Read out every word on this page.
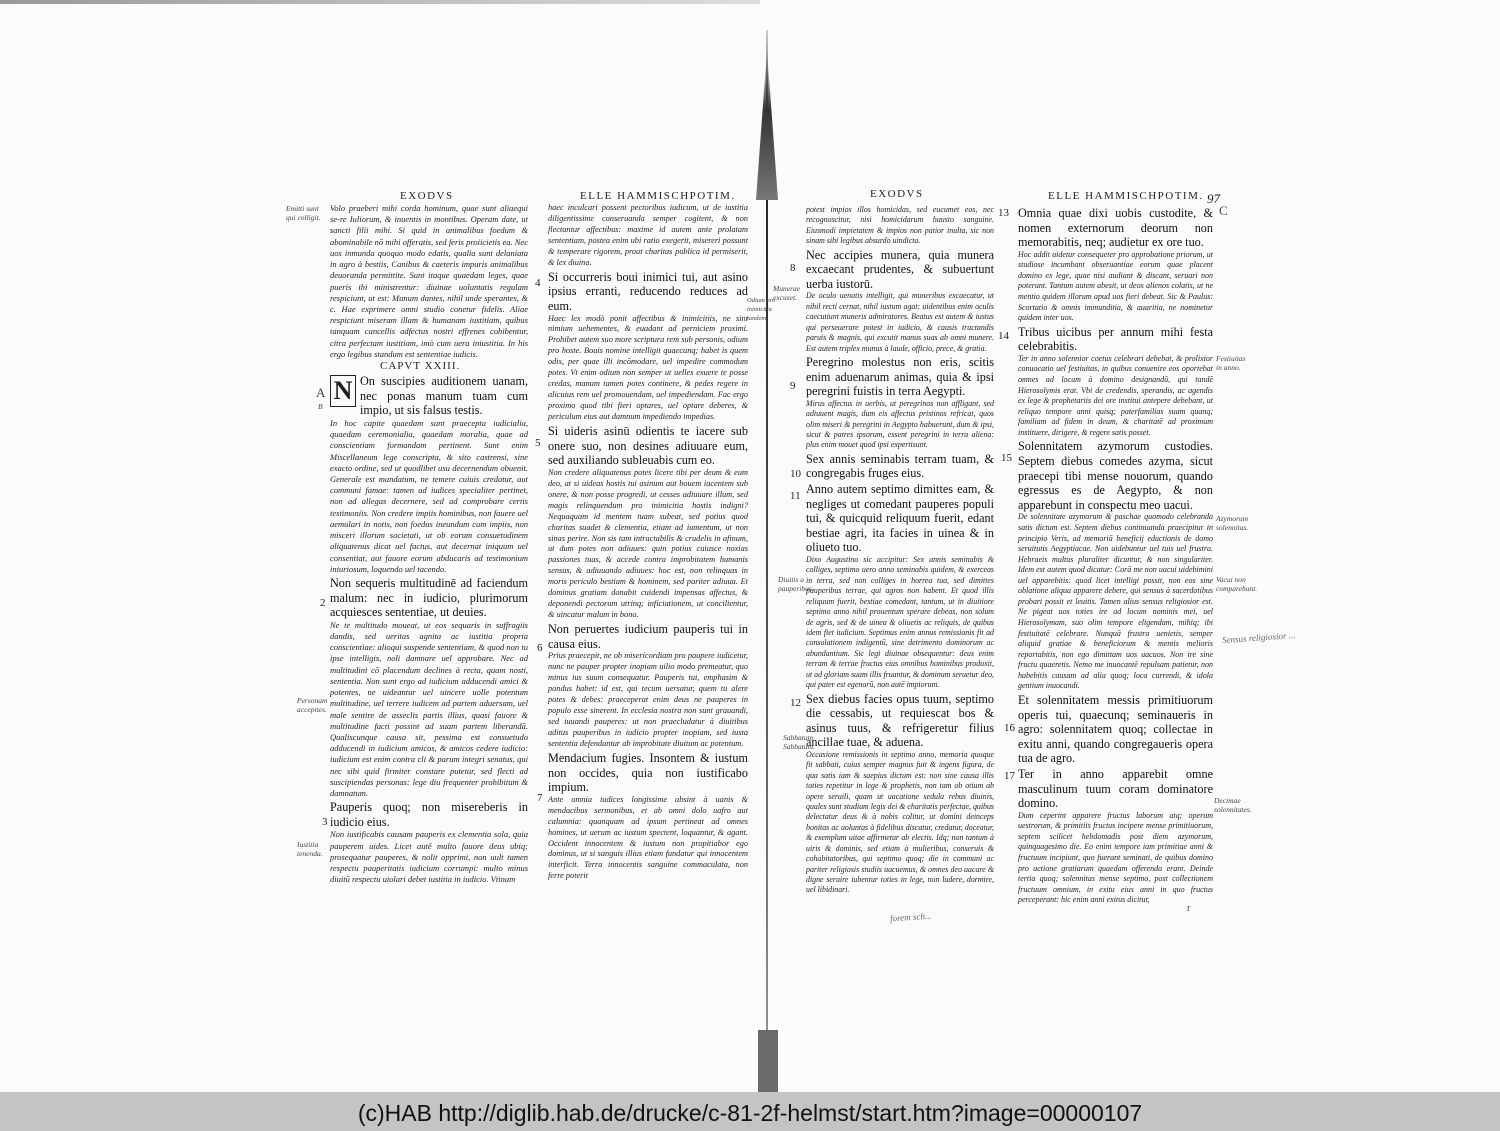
EXODVS	ELLE HAMMISCHPOTIM.
Emitti sunt qui colligit.
A
B
Personam accepites.
Iustitia tenenda.
2
3
4
5
6
7

Volo praeberi mihi corda hominum, quae sunt aliaequi se-re Iuliorum, & inuentis in montibus. Operam date, ut sancti filii mihi. Si quid in animalibus foedum & abominabile nō mihi offeratis, sed feris proiicietis ea. Nec uos inmunda quoquo modo edatis, qualia sunt delaniata in agro à bestiis, Canibus & caeteris impuris animalibus deuoranda permittite. Sunt itaque quaedam leges, quae pueris ihi ministrentur: diuinae uoluntatis regulam respiciunt, ut est: Munum dantes, nihil unde sperantes, & c. Hae exprimere omni studio conetur fidelis. Aliae respiciunt miseram illam & humanam iustitiam, quibus tanquam cancellis adfectus nostri effrenes cohibentur, citra perfectam iustitiam, imò cum uera iniustitia. In his ergo legibus standum est sententiae iudicis.

CAPVT XXIII.

N On suscipies auditionem uanam, nec ponas manum tuam cum impio, ut sis falsus testis.

In hoc capite quaedam sunt praecepta iudicialia, quaedam ceremonialia, quaedam moralia, quae ad conscientiam formandam pertinent. Sunt enim Miscellaneum lege conscripta, & sito castrensi, sine exacto ordine, sed ut quodlibet usu decernendum obuenit. Generale est mandatum, ne temere cuiuis credatur, aut communi famae: tamen ad iudices specialiter pertinet, non ad allegas decernere, sed ad comprobare certis testimoniis. Non credere impiis hominibus, non fauere uel aemulari in notis, non foedus ineundum cum impiis, non misceri illorum societati, ut ob eorum consuetudinem aliquatenus dicat uel factus, aut decernat iniquum uel consentiat, aut fauore eorum abducaris ad testimonium iniuriosum, loquendo uel tacendo.

Non sequeris multitudinē ad faciendum malum: nec in iudicio, plurimorum acquiesces sententiae, ut deuies.

Ne te multitudo moueat, ut eos sequaris in suffragiis dandis, sed ueritas agnita ac iustitia propria conscientiae: alioqui suspende sententiam, & quod non tu ipse intelligis, noli damnare uel approbare. Nec ad multitudini cō placendum declines à recta, quam nosti, sententia. Non sunt ergo ad iudicium adducendi amici & potentes, ne uideantur uel uincere uolle potentum multitudine, uel terrere iudicem ad partem aduersam, uel male sentire de asseclis partis illius, quasi fauore & multitudine facti possint ad suam partem liberandā. Qualiscunque causa sit, pessima est consuetudo adducendi in iudicium amicos, & amicos cedere iudicio: iudicium est enim contra cli & parum integri senatus, qui nec sibi quid firmiter constare putetur, sed flecti ad suscipiendas personas: lege diu frequenter prohibitum & damnatum.

Pauperis quoq; non misereberis in iudicio eius.

Non iustificabis causam pauperis ex clementia sola, quia pauperem uides. Licet autē multo fauore deus ubiq; prosequatur pauperes, & nolit opprimi, non uult tamen respectu pauperitatis iudicium corrumpi: multo minus diuitū respectu uiolari debet iustitia in iudicio. Vtinam

haec inculcari possent pectoribus iudicum, ut de iustitia diligentissime conseruanda semper cogitent, & non flectantur affectibus: maxime id autem ante prolatam sententiam, postea enim ubi ratio exegerit, misereri possunt & temperare rigorem, prout charitas publica id permiserit, & lex diuina.

Si occurreris boui inimici tui, aut asino ipsius erranti, reducendo reduces ad eum.

Haec lex modò ponit affectibus & inimicitiis, ne sint nimium uehementes, & euadant ad perniciem proximi. Prohibet autem suo more scriptura rem sub personis, odium pro hoste. Bouis nomine intelligit quaecunq; habet is quem odis, per quae illi incōmodare, uel impedire commodum potes. Vt enim odium non semper ut uelles exuere te posse credas, manum tamen potes continere, & pedes regere in alicuius rem uel promouendam, uel impediendam. Fac ergo proximo quod tibi fieri optares, uel optare deberes, & periculum eius aut damnum impediendo impedias.

Si uideris asinū odientis te iacere sub onere suo, non desines adiuuare eum, sed auxiliando subleuabis cum eo.

Non credere aliquatenus potes licere tibi per deum & eum deo, at si uideas hostis tui asinum aut bouem iacentem sub onere, & non posse progredi, ut cesses adiuuare illum, sed magis relinquendum pro inimicitia hostis indigni? Nequaquam id mentem tuam subeat, sed potius quod charitas suadet & clementia, etiam ad iumentum, ut non sinas perire. Non sis tam intractabilis & crudelis in afinum, ut dum potes non adiuues: quin potius cuiusce noxias passiones tuas, & accede contra improbitatem humanis sensus, & adiuuando adiuues: hoc est, non relinquas in moris periculo bestiam & hominem, sed pariter adiuua. Et dominus gratiam donabit cuidendi impensas affectus, & deponendi pectorum utrinq; inficiationem, ut concilientur, & uincatur malum in bono.

Non peruertes iudicium pauperis tui in causa eius.

Prius praecepit, ne ob misericordiam pro paupere iudicetur, nunc ne pauper propter inopiam uilio modo premeatur, quo minus ius suum consequatur. Pauperis tui, emphasim & pondus habet: id est, qui tecum uersatur, quem tu alere potes & debes: praeceperat enim deus ne pauperes in populo esse sinerent. In ecclesia nostra non sunt grauandi, sed iuuandi pauperes: ut non praecludatur à diuitibus aditus pauperibus in iudicio propter inopiam, sed iusta sententia defendantur ab improbitate diuitum ac potentum.

Mendacium fugies. Insontem & iustum non occides, quia non iustificabo impium.

Ante omnia iudices longissime absint à uanis & mendacibus sermonibus, et ab omni dolo uafro aut calumnia: quanquam ad ipsum pertineat ad omnes homines, ut uerum ac iustum spectent, loquantur, & agant. Occident innocentem & iustum non propitiabor ego dominus, ut si sanguis illius etiam fundatur qui innocentem interficit. Terra innocentis sanguine commaculata, non ferre poterit

EXODVS	ELLE HAMMISCHPOTIM. 97
Munerae excuset.
Odium pro inimicitia tandem.
Diuitis a pauperibus.
Sabbatum Sabbatum.
Festiuitas in anno.
Azymorum solennitas.
Vacui non comparebunt.
Decimae solennitates.
C
13
8
14
9
10
15
11
12
16
17

potest impios illos homicidas, sed eucumet eos, nec recognoscitur, nisi homicidarum hausto sanguine. Eiusmodi impietatem & impios non patior inulta, sic non sinam sibi legibus absurdo uindicta.

Nec accipies munera, quia munera excaecant prudentes, & subuertunt uerba iustorū.

De oculo uenatis intelligit, qui muneribus excaecatur, ut nihil recti cernat, nihil iustum agat: uidentibus enim oculis caecutiunt muneris admiratores. Beatus est autem & iustus qui perseuerare potest in iudicio, & causis tractandis paruis & magnis, qui excutit manus suas ab omni munere. Est autem triplex munus à laude, officio, prece, & gratia.

Peregrino molestus non eris, scitis enim aduenarum animas, quia & ipsi peregrini fuistis in terra Aegypti.

Mirus affectus in uerbis, ut peregrinos non affligant, sed adiuuent magis, dum eis affectus pristinos refricat, quos olim miseri & peregrini in Aegypto habuerunt, dum & ipsi, sicut & patres ipsorum, essent peregrini in terra aliena: plus enim mouet quod ipsi expertisunt.

Sex annis seminabis terram tuam, & congregabis fruges eius.

Anno autem septimo dimittes eam, & negliges ut comedant pauperes populi tui, & quicquid reliquum fuerit, edant bestiae agri, ita facies in uinea & in oliueto tuo.

Dixo Augustino sic accipitur: Sex annis seminabis & colliges, septimo uero anno seminabis quidem, & exerceas in terra, sed non colliges in horrea tua, sed dimittes pauperibus terrae, qui agros non habent. Et quod illis reliquum fuerit, bestiae comedant, tantum, ut in diuitiore septimo anno nihil prouentum sperare debeas, non solum de agris, sed & de uinea & oliuetis ac reliquis, de quibus idem fiet iudicium. Septimus enim annus remissionis fit ad consolationem indigentū, sine detrimento dominorum ac abundantium. Sic legi diuinae obsequentur: deus enim terram & terrae fructus eius omnibus hominibus produxit, ut ad gloriam suam illis fruantur, & dominum seruetur deo, qui pater est egenorū, non autē impiorum.

Sex diebus facies opus tuum, septimo die cessabis, ut requiescat bos & asinus tuus, & refrigeretur filius ancillae tuae, & aduena.

Occasione remissionis in septimo anno, memoria quoque fit sabbati, cuius semper magnus fuit & ingens figura, de qua satis iam & saepius dictum est: non sine causa illis toties repetitur in lege & prophetis, non tam ob otium ab opere seruili, quam ut uacatione sedula rebus diuinis, quales sunt studium legis dei & charitatis perfectae, quibus delectatur deus & à nobis colitur, ut domini deinceps bonitas ac uoluntas à fidelibus discatur, credatur, doceatur, & exemplum uitae affirmetur ab electis. Idq; non tantum à uiris & dominis, sed etiam à mulieribus, conseruis & cohabitatoribus, qui septimo quoq; die in communi ac pariter religiosis studiis uacuemus, & omnes deo uacare & digne seruire iubentur toties in lege, non ludere, dormire, uel libidinari.

Omnia quae dixi uobis custodite, & nomen externorum deorum non memorabitis, neq; audietur ex ore tuo.

Hoc addit uidetur consequeter pro approbatione priorum, ut studiose incumbant obseruantiae eorum quae placent domino ex lege, quae nisi audiant & discant, seruari non poterunt. Tantum autem abesit, ut deos alienos colatis, ut ne mentio quidem illorum apud uos fieri debeat. Sic & Paulus: Scortatio & omnis immunditia, & auaritia, ne nominetur quidem inter uos.

Tribus uicibus per annum mihi festa celebrabitis.

Ter in anno solennior coetus celebrari debebat, & prolixior conuocatio uel festiuitas, in quibus conuenire eos oportebat omnes ad locum à domino designandū, qui tandē Hierosolymis erat. Vbi de credendis, sperandis, ac agendis ex lege & prophetariis dei ore institui antepere debebant, ut reliquo tempore anni quisq; paterfamilias suam quanq; familiam ad fidem in deum, & charitatē ad proximum instituere, dirigere, & regere satis posset.

Solennitatem azymorum custodies. Septem diebus comedes azyma, sicut praecepi tibi mense nouorum, quando egressus es de Aegypto, & non apparebunt in conspectu meo uacui.

De solennitate azymorum & paschae quomodo celebranda satis dictum est. Septem diebus continuanda praecipitur in principio Veris, ad memoriā beneficij eductionis de domo seruitutis Aegyptiacae. Non uidebuntur uel tuis uel frustra. Hebraeis multus pluraliter dicuntur, & non singulariter. Idem est autem quod dicatur: Corā me non uacui uidebimini uel apparebitis: quod licet intelligi possit, non eos sine oblatione aliqua apparere debere, qui sensus à sacerdotibus probari possit et leuitis. Tamen alius sensus religiosior est. Ne pigeat uos toties ire ad locum nominis mei, uel Hierosolymam, suo olim tempore eligendam, mihiq; ibi festiuitatē celebrare. Nunquā frustra uenietis, semper aliquid gratiae & beneficiorum & mentis melioris reportabitis, non ego dimittam uos uacuos. Non ire sine fructu quaeretis. Nemo me inuocantē repulsam patietur, non habebitis causam ad alia quoq; loca currendi, & idola gentium inuocandi.

Et solennitatem messis primitiuorum operis tui, quaecunq; seminaueris in agro: solennitatem quoq; collectae in exitu anni, quando congregaueris opera tua de agro.

Ter in anno apparebit omne masculinum tuum coram dominatore domino.

Dum ceperint apparere fructus laborum atq; operum uestrorum, & primitiis fructus incipere mense primitiuorum, septem scilicet hebdomadis post diem azymorum, quinquagesimo die. Eo enim tempore iam primitiae anni & fructuum incipiunt, quo fuerant seminati, de quibus domino pro actione gratiarum quaedam offerenda erant. Deinde tertia quoq; solennitas mense septimo, post collectionem fructuum omnium, in exitu eius anni in quo fructus perceperant: hic enim anni exitus dicitur,

r
Sensus religiosior ...
forem sch...
(c)HAB http://diglib.hab.de/drucke/c-81-2f-helmst/start.htm?image=00000107
